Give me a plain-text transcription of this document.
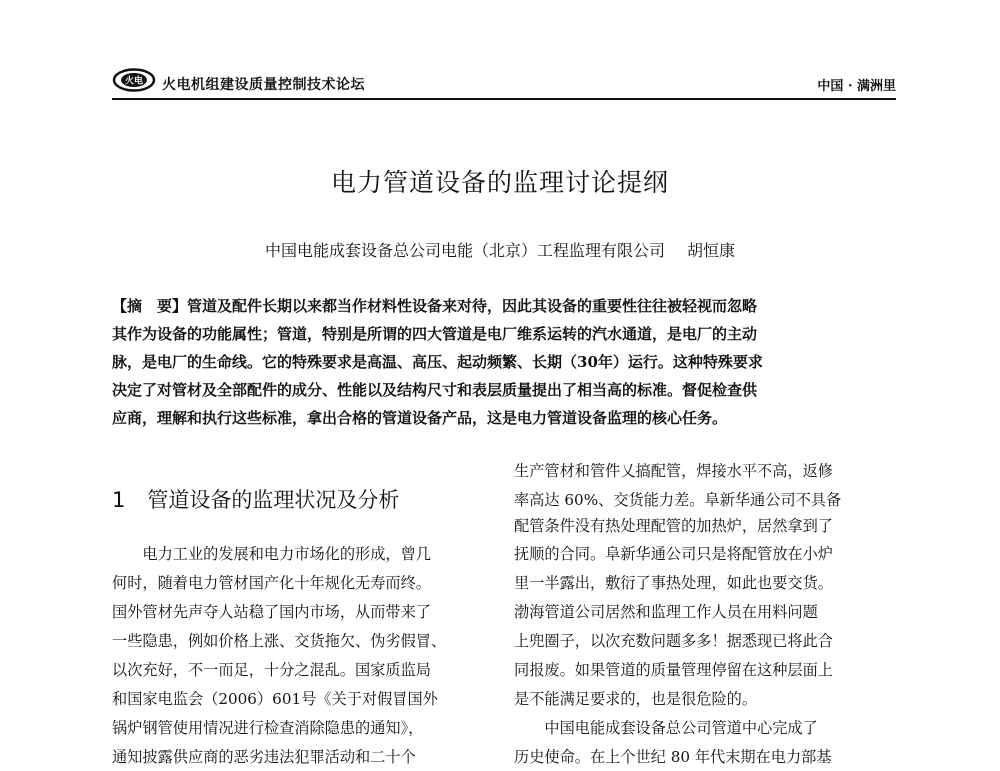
火电 火电机组建设质量控制技术论坛	中国 · 满洲里
电力管道设备的监理讨论提纲
中国电能成套设备总公司电能（北京）工程监理有限公司 胡恒康
【摘　要】管道及配件长期以来都当作材料性设备来对待，因此其设备的重要性往往被轻视而忽略
其作为设备的功能属性；管道，特别是所谓的四大管道是电厂维系运转的汽水通道，是电厂的主动
脉，是电厂的生命线。它的特殊要求是高温、高压、起动频繁、长期（30年）运行。这种特殊要求
决定了对管材及全部配件的成分、性能以及结构尺寸和表层质量提出了相当高的标准。督促检查供
应商，理解和执行这些标准，拿出合格的管道设备产品，这是电力管道设备监理的核心任务。
1 管道设备的监理状况及分析
　　电力工业的发展和电力市场化的形成，曾几
何时，随着电力管材国产化十年规化无寿而终。
国外管材先声夺人站稳了国内市场，从而带来了
一些隐患，例如价格上涨、交货拖欠、伪劣假冒、
以次充好，不一而足，十分之混乱。国家质监局
和国家电监会（2006）601号《关于对假冒国外
锅炉钢管使用情况进行检查消除隐患的通知》，
通知披露供应商的恶劣违法犯罪活动和二十个
生产管材和管件乂搞配管，焊接水平不高，返修
率高达 60%、交货能力差。阜新华通公司不具备
配管条件没有热处理配管的加热炉，居然拿到了
抚顺的合同。阜新华通公司只是将配管放在小炉
里一半露出，敷衍了事热处理，如此也要交货。
渤海管道公司居然和监理工作人员在用料问题
上兜圈子，以次充数问题多多！据悉现已将此合
同报废。如果管道的质量管理停留在这种层面上
是不能满足要求的，也是很危险的。
　　中国电能成套设备总公司管道中心完成了
历史使命。在上个世纪 80 年代末期在电力部基
